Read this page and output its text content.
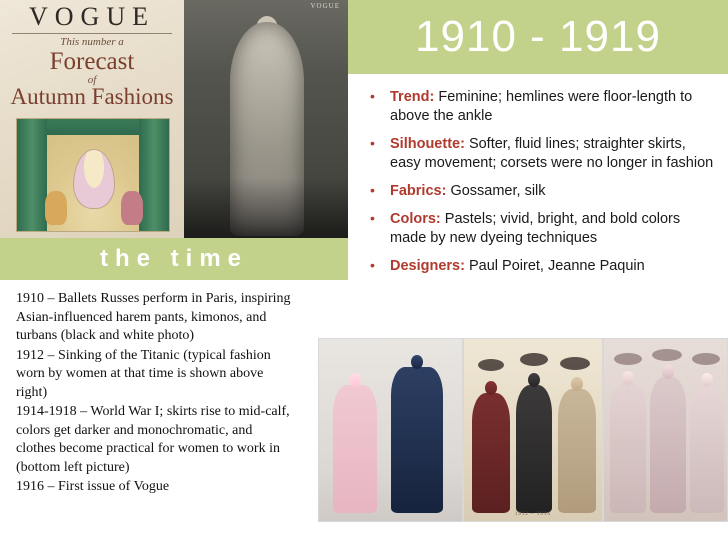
VOGUE
This number a
Forecast
of
Autumn Fashions
VOGUE
the time
1910 - 1919
• Trend: Feminine; hemlines were floor-length to above the ankle
• Silhouette: Softer, fluid lines; straighter skirts, easy movement; corsets were no longer in fashion
• Fabrics: Gossamer, silk
• Colors: Pastels; vivid, bright, and bold colors made by new dyeing techniques
• Designers: Paul Poiret, Jeanne Paquin

1910 – Ballets Russes perform in Paris, inspiring Asian-influenced harem pants, kimonos, and turbans (black and white photo)

1912 – Sinking of the Titanic (typical fashion worn by women at that time is shown above right)

1914-1918 – World War I; skirts rise to mid-calf, colors get darker and monochromatic, and clothes become practical for women to work in (bottom left picture)

1916 – First issue of Vogue

1912 – 1914
